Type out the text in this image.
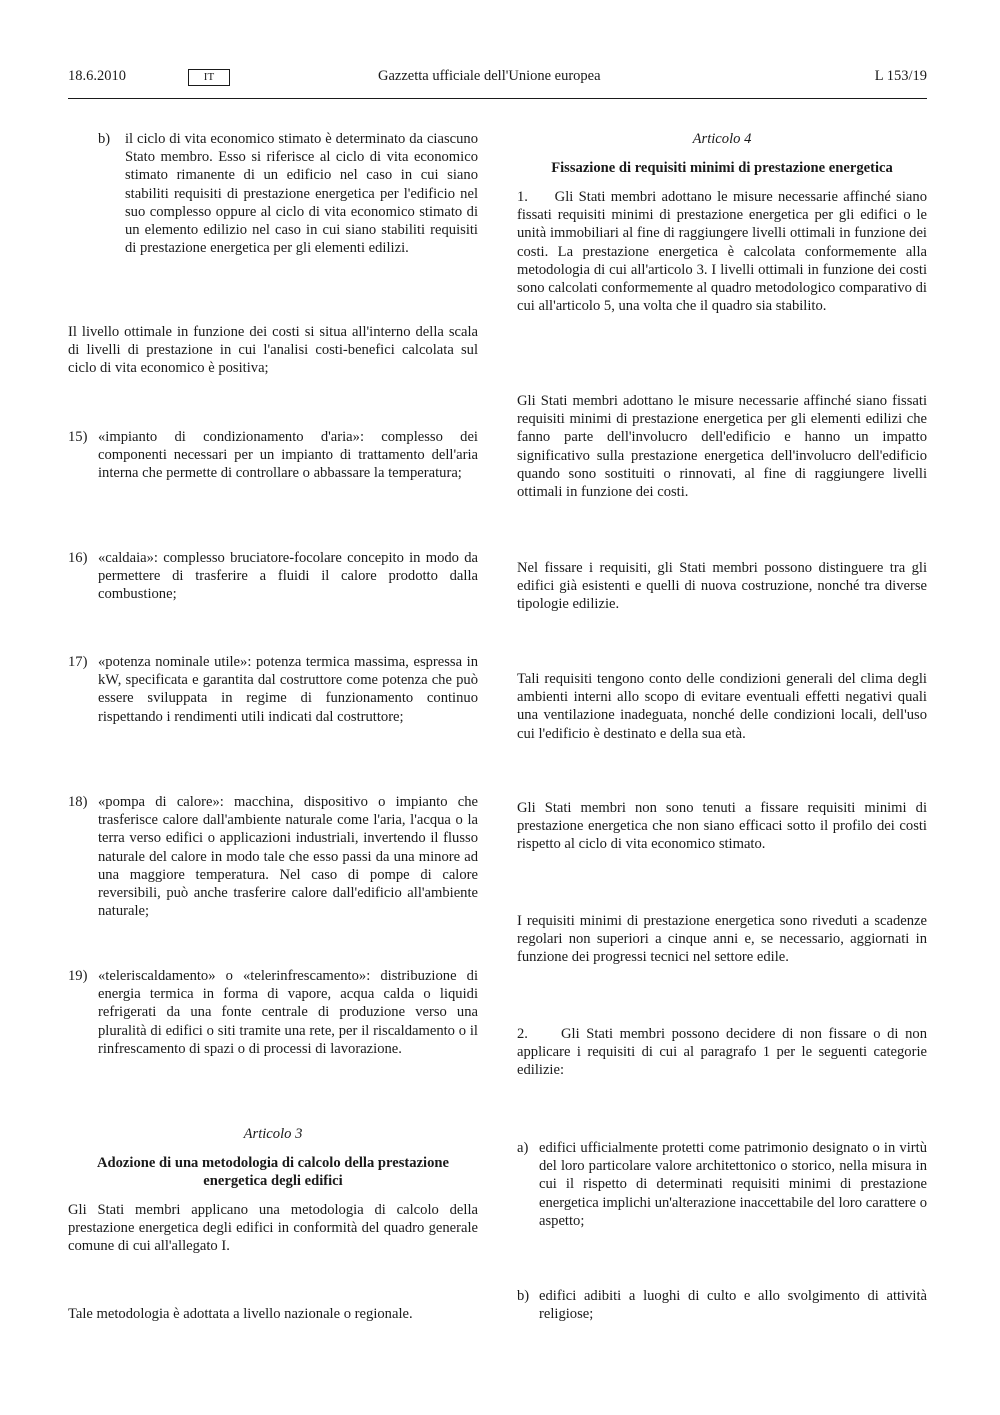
18.6.2010	IT	Gazzetta ufficiale dell'Unione europea	L 153/19
b)	il ciclo di vita economico stimato è determinato da ciascuno Stato membro. Esso si riferisce al ciclo di vita economico stimato rimanente di un edificio nel caso in cui siano stabiliti requisiti di prestazione energetica per l'edificio nel suo complesso oppure al ciclo di vita economico stimato di un elemento edilizio nel caso in cui siano stabiliti requisiti di prestazione energetica per gli elementi edilizi.

Il livello ottimale in funzione dei costi si situa all'interno della scala di livelli di prestazione in cui l'analisi costi-benefici calcolata sul ciclo di vita economico è positiva;

15) «impianto di condizionamento d'aria»: complesso dei componenti necessari per un impianto di trattamento dell'aria interna che permette di controllare o abbassare la temperatura;
16) «caldaia»: complesso bruciatore-focolare concepito in modo da permettere di trasferire a fluidi il calore prodotto dalla combustione;
17) «potenza nominale utile»: potenza termica massima, espressa in kW, specificata e garantita dal costruttore come potenza che può essere sviluppata in regime di funzionamento continuo rispettando i rendimenti utili indicati dal costruttore;
18) «pompa di calore»: macchina, dispositivo o impianto che trasferisce calore dall'ambiente naturale come l'aria, l'acqua o la terra verso edifici o applicazioni industriali, invertendo il flusso naturale del calore in modo tale che esso passi da una minore ad una maggiore temperatura. Nel caso di pompe di calore reversibili, può anche trasferire calore dall'edificio all'ambiente naturale;
19) «teleriscaldamento» o «telerinfrescamento»: distribuzione di energia termica in forma di vapore, acqua calda o liquidi refrigerati da una fonte centrale di produzione verso una pluralità di edifici o siti tramite una rete, per il riscaldamento o il rinfrescamento di spazi o di processi di lavorazione.
Articolo 3
Adozione di una metodologia di calcolo della prestazione energetica degli edifici

Gli Stati membri applicano una metodologia di calcolo della prestazione energetica degli edifici in conformità del quadro generale comune di cui all'allegato I.

Tale metodologia è adottata a livello nazionale o regionale.

Articolo 4
Fissazione di requisiti minimi di prestazione energetica

1.     Gli Stati membri adottano le misure necessarie affinché siano fissati requisiti minimi di prestazione energetica per gli edifici o le unità immobiliari al fine di raggiungere livelli ottimali in funzione dei costi. La prestazione energetica è calcolata conformemente alla metodologia di cui all'articolo 3. I livelli ottimali in funzione dei costi sono calcolati conformemente al quadro metodologico comparativo di cui all'articolo 5, una volta che il quadro sia stabilito.

Gli Stati membri adottano le misure necessarie affinché siano fissati requisiti minimi di prestazione energetica per gli elementi edilizi che fanno parte dell'involucro dell'edificio e hanno un impatto significativo sulla prestazione energetica dell'involucro dell'edificio quando sono sostituiti o rinnovati, al fine di raggiungere livelli ottimali in funzione dei costi.

Nel fissare i requisiti, gli Stati membri possono distinguere tra gli edifici già esistenti e quelli di nuova costruzione, nonché tra diverse tipologie edilizie.

Tali requisiti tengono conto delle condizioni generali del clima degli ambienti interni allo scopo di evitare eventuali effetti negativi quali una ventilazione inadeguata, nonché delle condizioni locali, dell'uso cui l'edificio è destinato e della sua età.

Gli Stati membri non sono tenuti a fissare requisiti minimi di prestazione energetica che non siano efficaci sotto il profilo dei costi rispetto al ciclo di vita economico stimato.

I requisiti minimi di prestazione energetica sono riveduti a scadenze regolari non superiori a cinque anni e, se necessario, aggiornati in funzione dei progressi tecnici nel settore edile.

2.     Gli Stati membri possono decidere di non fissare o di non applicare i requisiti di cui al paragrafo 1 per le seguenti categorie edilizie:

a) edifici ufficialmente protetti come patrimonio designato o in virtù del loro particolare valore architettonico o storico, nella misura in cui il rispetto di determinati requisiti minimi di prestazione energetica implichi un'alterazione inaccettabile del loro carattere o aspetto;
b) edifici adibiti a luoghi di culto e allo svolgimento di attività religiose;
